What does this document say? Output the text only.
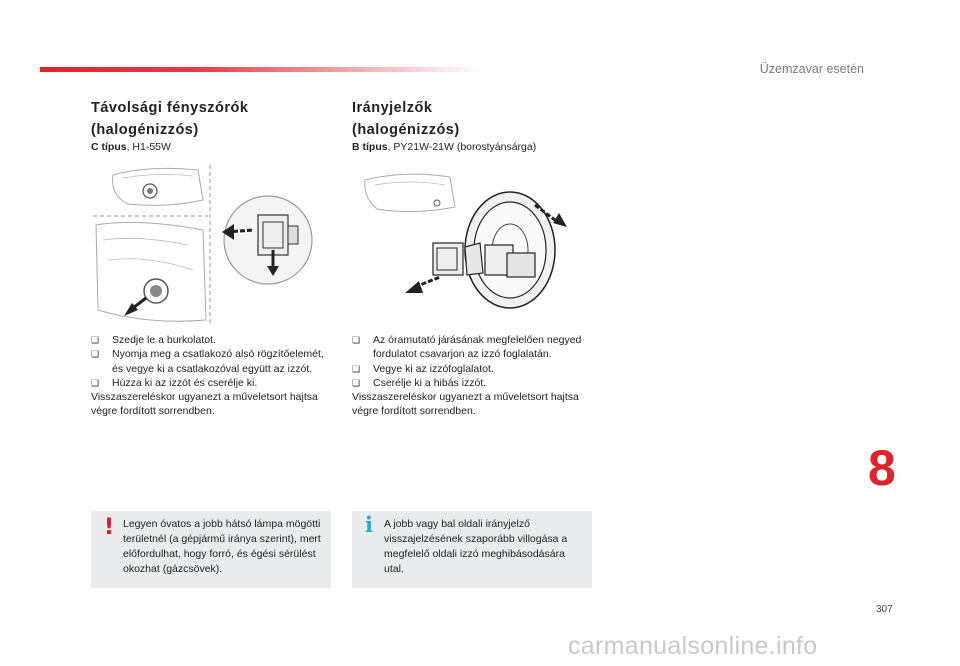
Üzemzavar esetén
Távolsági fényszórók
(halogénizzós)
C típus, H1-55W
❏ Szedje le a burkolatot.
❏ Nyomja meg a csatlakozó alsó rögzítőelemét, és vegye ki a csatlakozóval együtt az izzót.
❏ Húzza ki az izzót és cserélje ki.
Visszaszereléskor ugyanezt a műveletsort hajtsa végre fordított sorrendben.
! Legyen óvatos a jobb hátsó lámpa mögötti területnél (a gépjármű iránya szerint), mert előfordulhat, hogy forró, és égési sérülést okozhat (gázcsövek).
Irányjelzők
(halogénizzós)
B típus, PY21W-21W (borostyánsárga)
❏ Az óramutató járásának megfelelően negyed fordulatot csavarjon az izzó foglalatán.
❏ Vegye ki az izzófoglalatot.
❏ Cserélje ki a hibás izzót.
Visszaszereléskor ugyanezt a műveletsort hajtsa végre fordított sorrendben.
i A jobb vagy bal oldali irányjelző visszajelzésének szaporább villogása a megfelelő oldali izzó meghibásodására utal.
8
307
carmanualsonline.info
